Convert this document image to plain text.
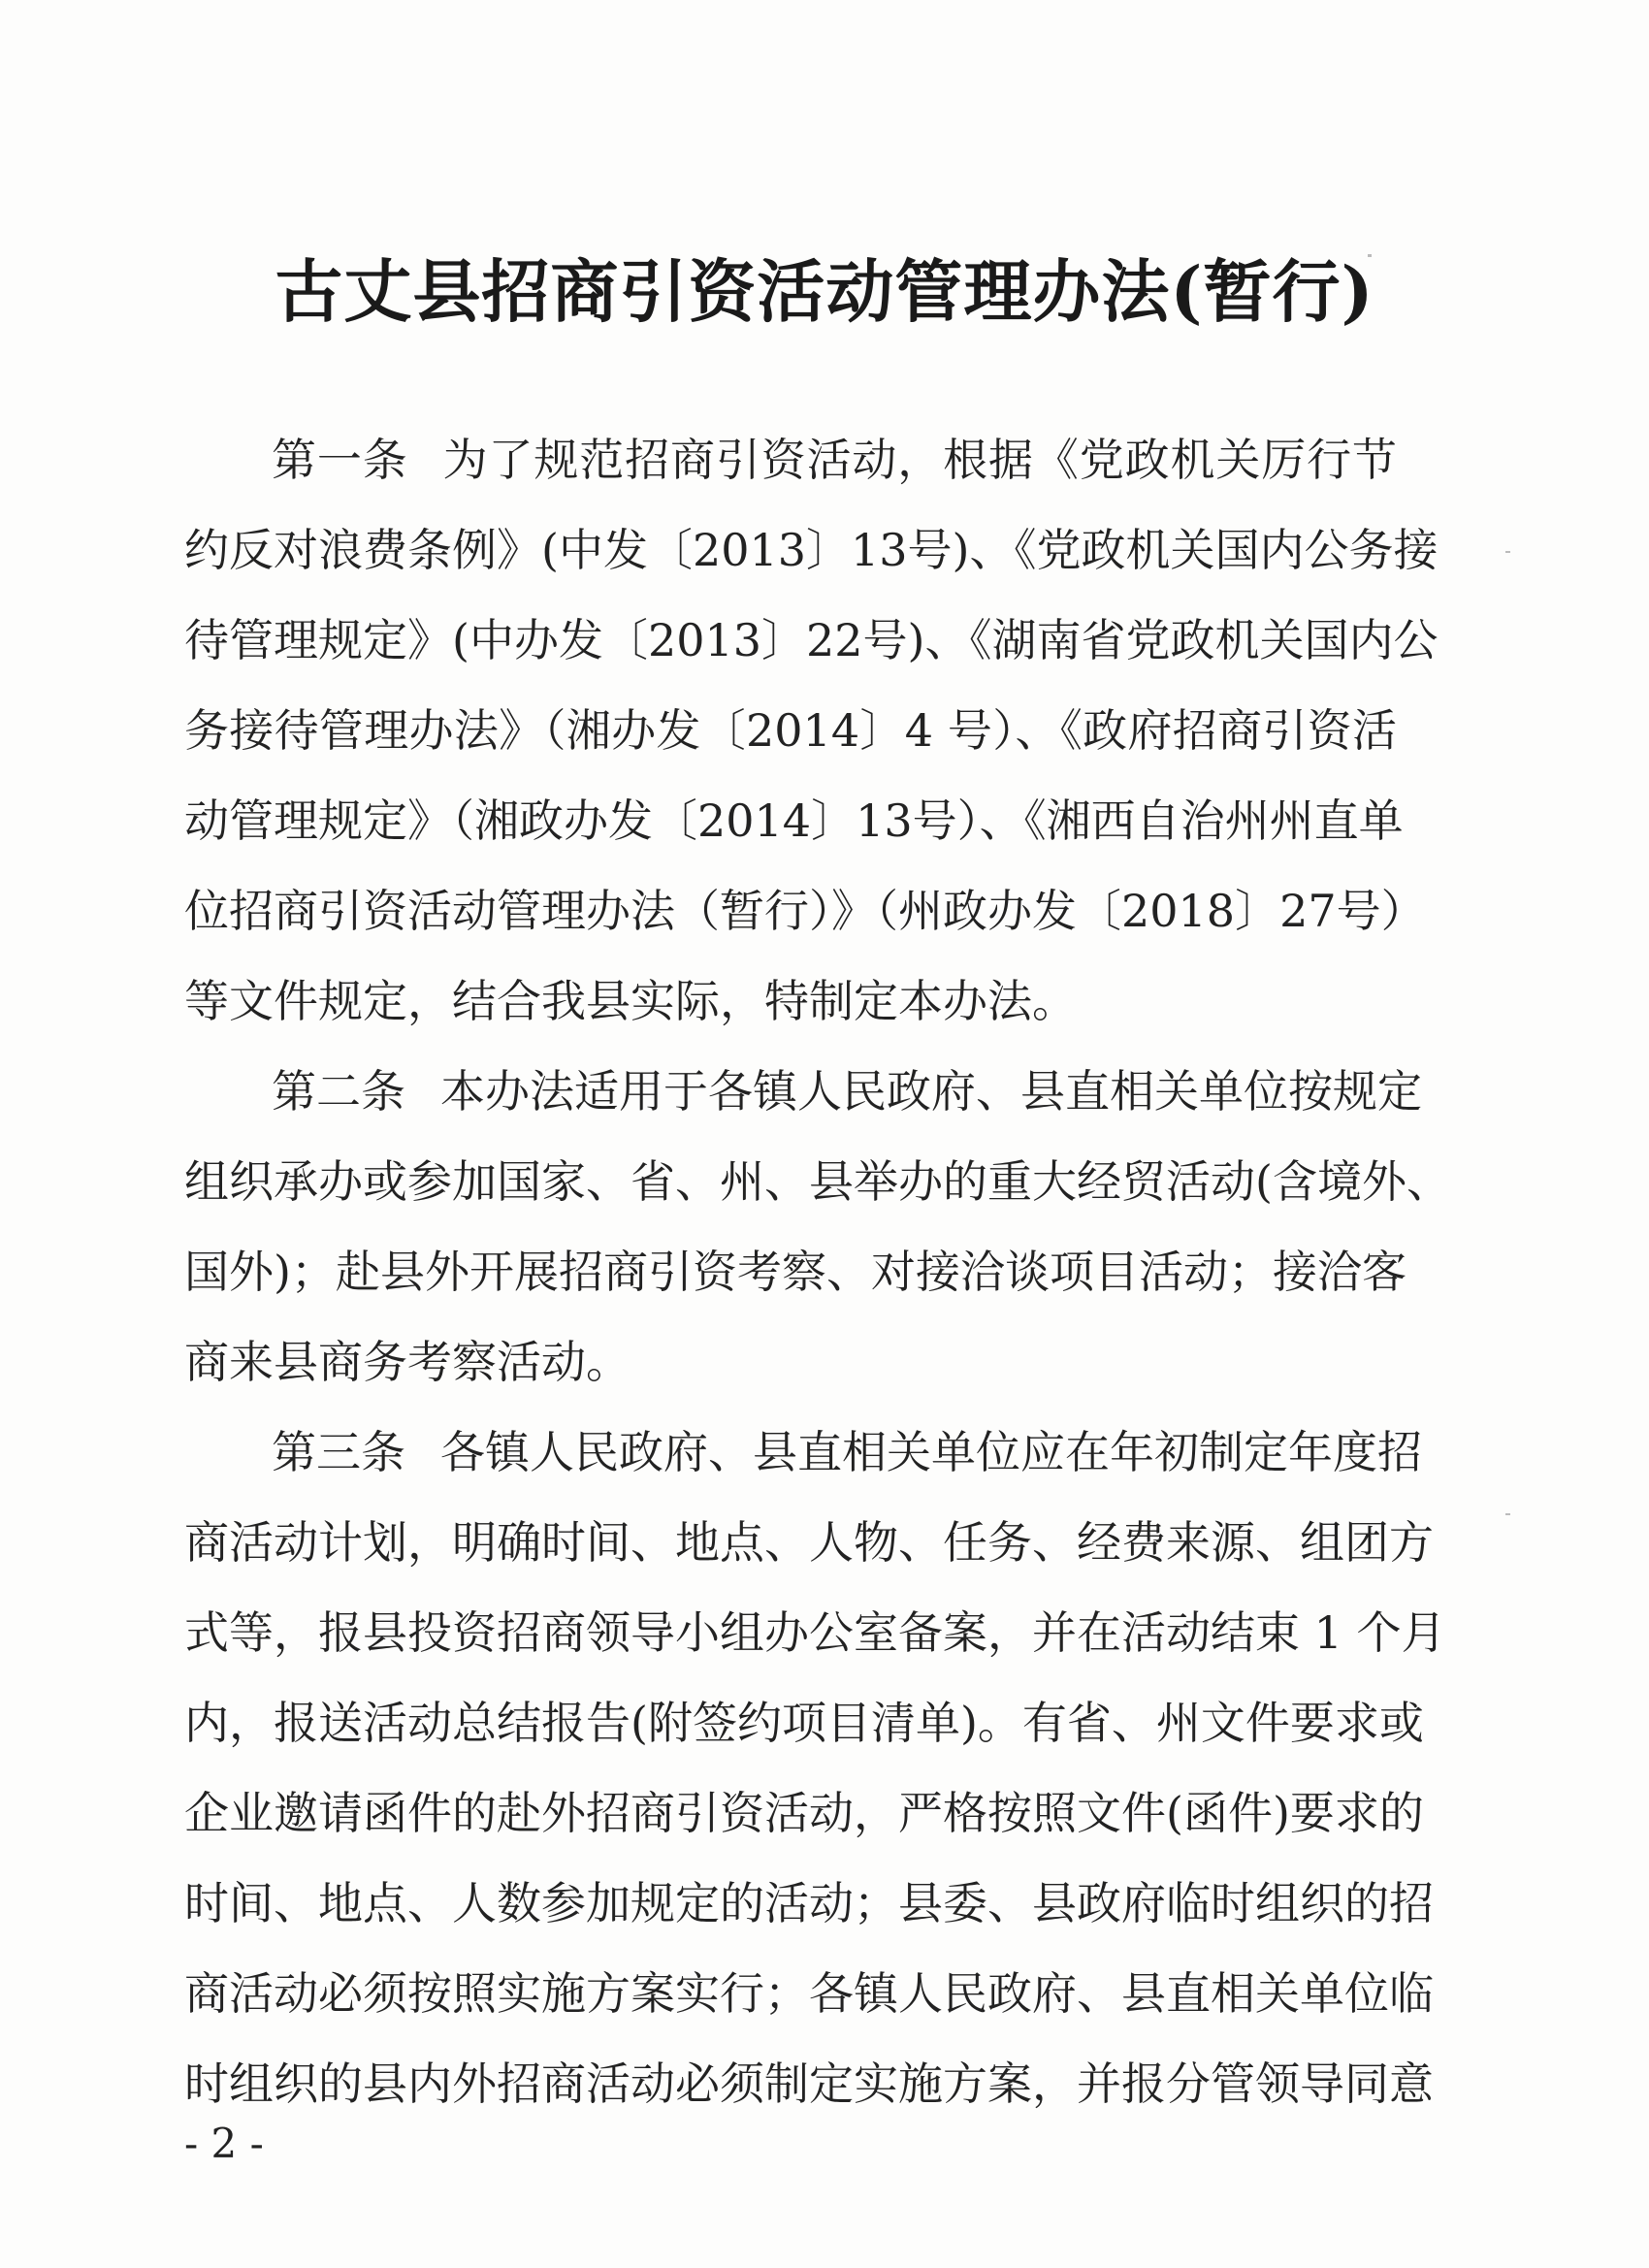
古丈县招商引资活动管理办法(暂行)
第一条 为了规范招商引资活动，根据《党政机关厉行节
约反对浪费条例》(中发〔2013〕13号)、《党政机关国内公务接
待管理规定》(中办发〔2013〕22号)、《湖南省党政机关国内公
务接待管理办法》（湘办发〔2014〕4 号）、《政府招商引资活
动管理规定》（湘政办发〔2014〕13号）、《湘西自治州州直单
位招商引资活动管理办法（暂行）》（州政办发〔2018〕27号）
等文件规定，结合我县实际，特制定本办法。
第二条 本办法适用于各镇人民政府、县直相关单位按规定
组织承办或参加国家、省、州、县举办的重大经贸活动(含境外、
国外)；赴县外开展招商引资考察、对接洽谈项目活动；接洽客
商来县商务考察活动。
第三条 各镇人民政府、县直相关单位应在年初制定年度招
商活动计划，明确时间、地点、人物、任务、经费来源、组团方
式等，报县投资招商领导小组办公室备案，并在活动结束 1 个月
内，报送活动总结报告(附签约项目清单)。有省、州文件要求或
企业邀请函件的赴外招商引资活动，严格按照文件(函件)要求的
时间、地点、人数参加规定的活动；县委、县政府临时组织的招
商活动必须按照实施方案实行；各镇人民政府、县直相关单位临
时组织的县内外招商活动必须制定实施方案，并报分管领导同意
- 2 -
